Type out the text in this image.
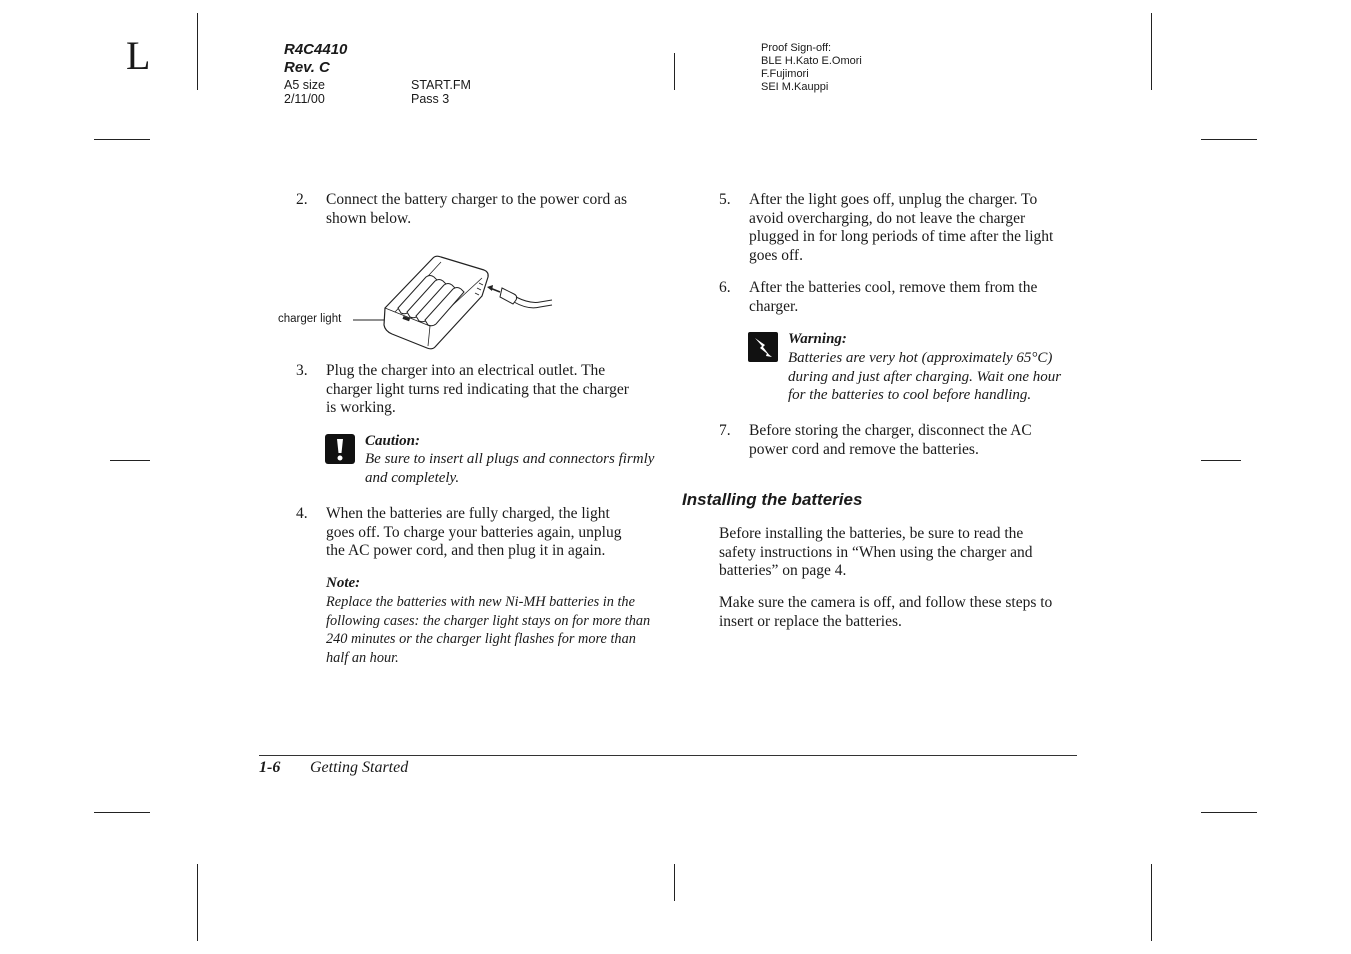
L	R4C4410
Rev. C
A5 size
2/11/00
START.FM
Pass 3
Proof Sign-off:
BLE H.Kato E.Omori
F.Fujimori
SEI M.Kauppi
2. Connect the battery charger to the power cord as
shown below.
charger light
3. Plug the charger into an electrical outlet. The
charger light turns red indicating that the charger
is working.
Caution:
Be sure to insert all plugs and connectors firmly
and completely.
4. When the batteries are fully charged, the light
goes off. To charge your batteries again, unplug
the AC power cord, and then plug it in again.
Note:
Replace the batteries with new Ni-MH batteries in the
following cases: the charger light stays on for more than
240 minutes or the charger light flashes for more than
half an hour.
5. After the light goes off, unplug the charger. To
avoid overcharging, do not leave the charger
plugged in for long periods of time after the light
goes off.
6. After the batteries cool, remove them from the
charger.
Warning:
Batteries are very hot (approximately 65°C)
during and just after charging. Wait one hour
for the batteries to cool before handling.
7. Before storing the charger, disconnect the AC
power cord and remove the batteries.
Installing the batteries
Before installing the batteries, be sure to read the
safety instructions in “When using the charger and
batteries” on page 4.
Make sure the camera is off, and follow these steps to
insert or replace the batteries.
1-6 Getting Started
